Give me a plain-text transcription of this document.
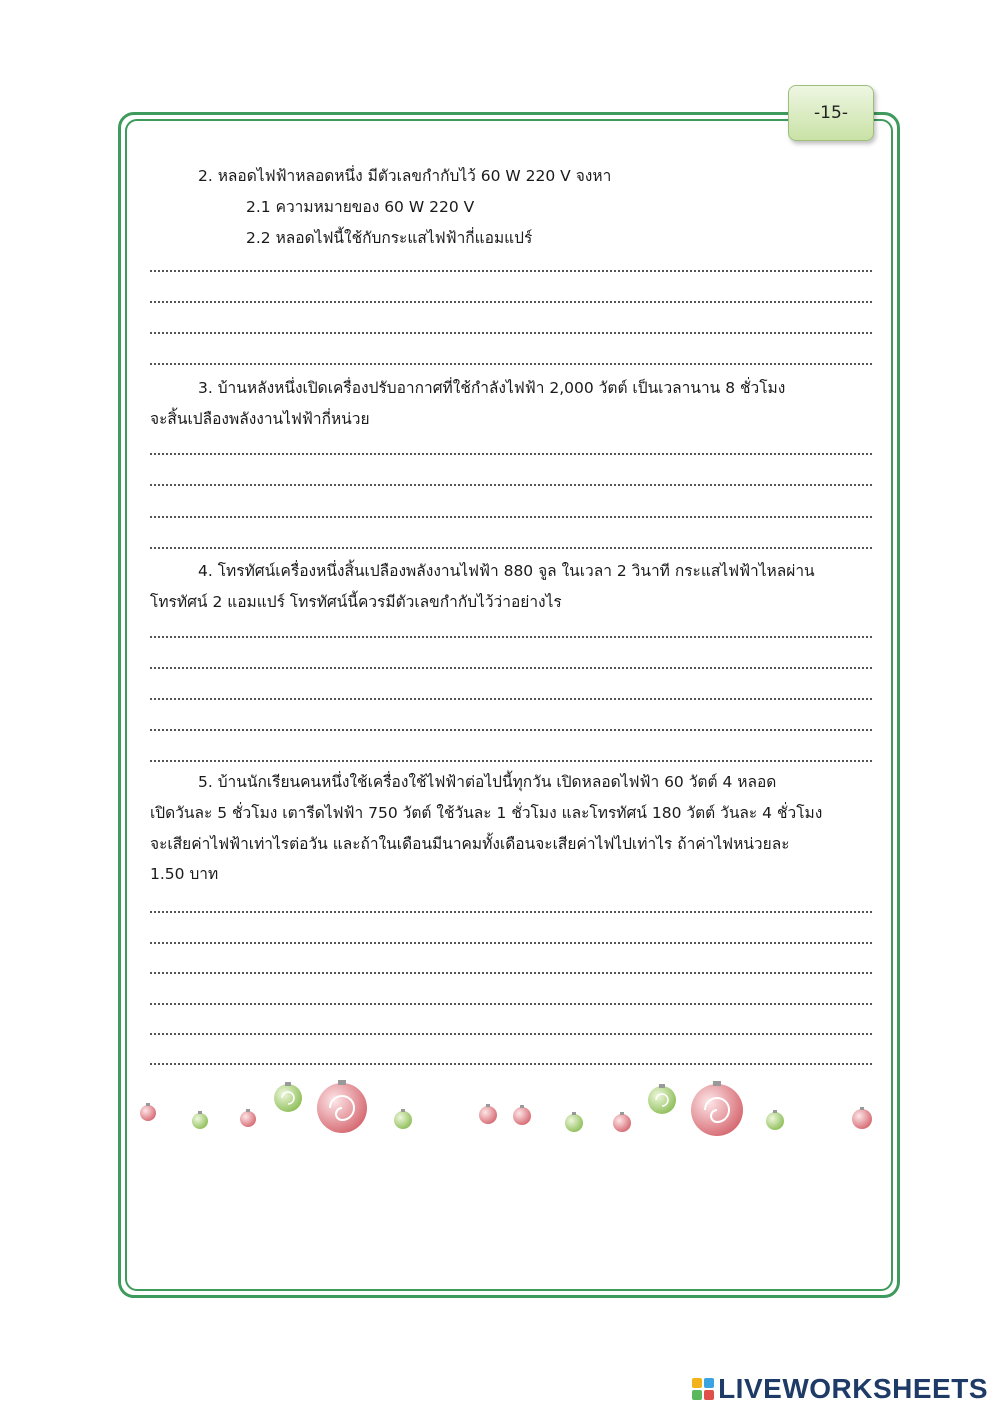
-15-
2. หลอดไฟฟ้าหลอดหนึ่ง มีตัวเลขกำกับไว้ 60 W 220 V จงหา
2.1 ความหมายของ 60 W 220 V
2.2 หลอดไฟนี้ใช้กับกระแสไฟฟ้ากี่แอมแปร์
3. บ้านหลังหนึ่งเปิดเครื่องปรับอากาศที่ใช้กำลังไฟฟ้า 2,000 วัตต์ เป็นเวลานาน 8 ชั่วโมง
จะสิ้นเปลืองพลังงานไฟฟ้ากี่หน่วย
4. โทรทัศน์เครื่องหนึ่งสิ้นเปลืองพลังงานไฟฟ้า 880 จูล ในเวลา 2 วินาที กระแสไฟฟ้าไหลผ่าน
โทรทัศน์ 2 แอมแปร์ โทรทัศน์นี้ควรมีตัวเลขกำกับไว้ว่าอย่างไร
5. บ้านนักเรียนคนหนึ่งใช้เครื่องใช้ไฟฟ้าต่อไปนี้ทุกวัน เปิดหลอดไฟฟ้า 60 วัตต์ 4 หลอด
เปิดวันละ 5 ชั่วโมง เตารีดไฟฟ้า 750 วัตต์ ใช้วันละ 1 ชั่วโมง และโทรทัศน์ 180 วัตต์ วันละ 4 ชั่วโมง
จะเสียค่าไฟฟ้าเท่าไรต่อวัน และถ้าในเดือนมีนาคมทั้งเดือนจะเสียค่าไฟไปเท่าไร ถ้าค่าไฟหน่วยละ
1.50 บาท
LIVEWORKSHEETS
